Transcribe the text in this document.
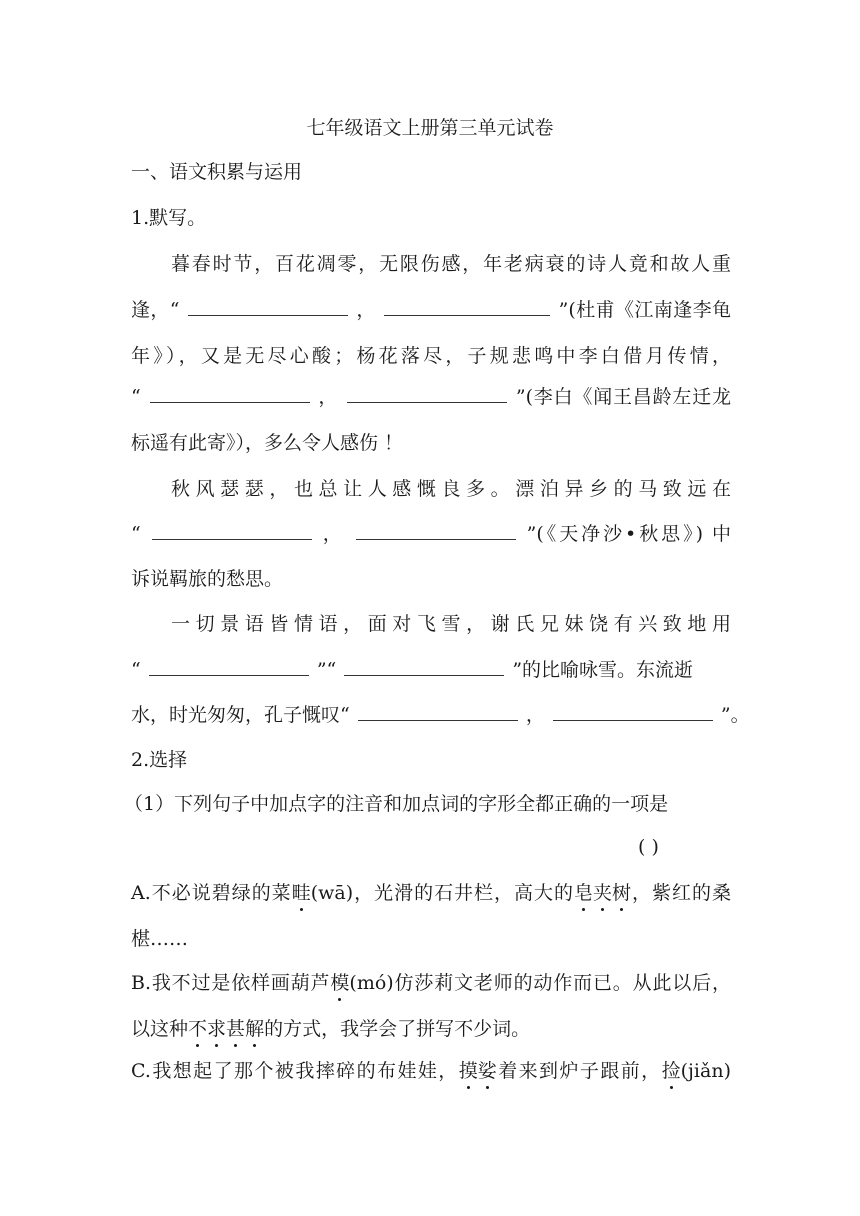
七年级语文上册第三单元试卷
一、语文积累与运用
1.默写。
暮春时节，百花凋零，无限伤感，年老病衰的诗人竟和故人重
逢，“	，	”(杜甫《江南逢李龟
年》），又是无尽心酸；杨花落尽，子规悲鸣中李白借月传情，
“	，	”(李白《闻王昌龄左迁龙
标遥有此寄》），多么令人感伤 ！
秋风瑟瑟，也总让人感慨良多。漂泊异乡的马致远在
“	，	”(《天净沙•秋思》) 中
诉说羁旅的愁思。
一切景语皆情语，面对飞雪，谢氏兄妹饶有兴致地用
“	”“	”的比喻咏雪。东流逝
水，时光匆匆，孔子慨叹“	，	”。
2.选择
（1）下列句子中加点字的注音和加点词的字形全都正确的一项是
( )
A.不必说碧绿的菜畦(wā)，光滑的石井栏，高大的皂夹树，紫红的桑
椹……
B.我不过是依样画葫芦模(mó)仿莎莉文老师的动作而已。从此以后，
以这种不求甚解的方式，我学会了拼写不少词。
C.我想起了那个被我摔碎的布娃娃，摸娑着来到炉子跟前，捡(jiǎn)
